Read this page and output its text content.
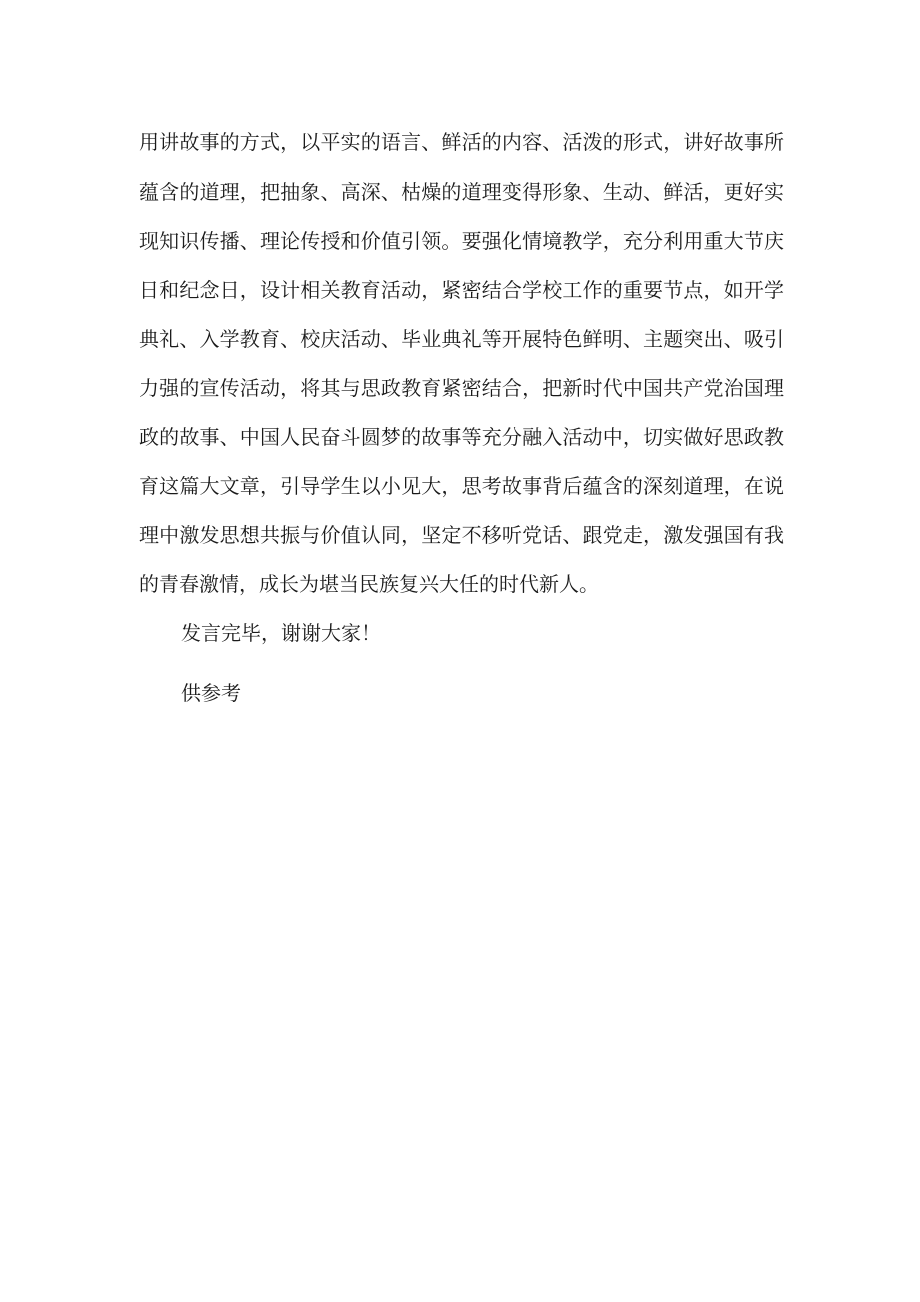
用讲故事的方式，以平实的语言、鲜活的内容、活泼的形式，讲好故事所
蕴含的道理，把抽象、高深、枯燥的道理变得形象、生动、鲜活，更好实
现知识传播、理论传授和价值引领。要强化情境教学，充分利用重大节庆
日和纪念日，设计相关教育活动，紧密结合学校工作的重要节点，如开学
典礼、入学教育、校庆活动、毕业典礼等开展特色鲜明、主题突出、吸引
力强的宣传活动，将其与思政教育紧密结合，把新时代中国共产党治国理
政的故事、中国人民奋斗圆梦的故事等充分融入活动中，切实做好思政教
育这篇大文章，引导学生以小见大，思考故事背后蕴含的深刻道理，在说
理中激发思想共振与价值认同，坚定不移听党话、跟党走，激发强国有我
的青春激情，成长为堪当民族复兴大任的时代新人。
发言完毕，谢谢大家！
供参考
